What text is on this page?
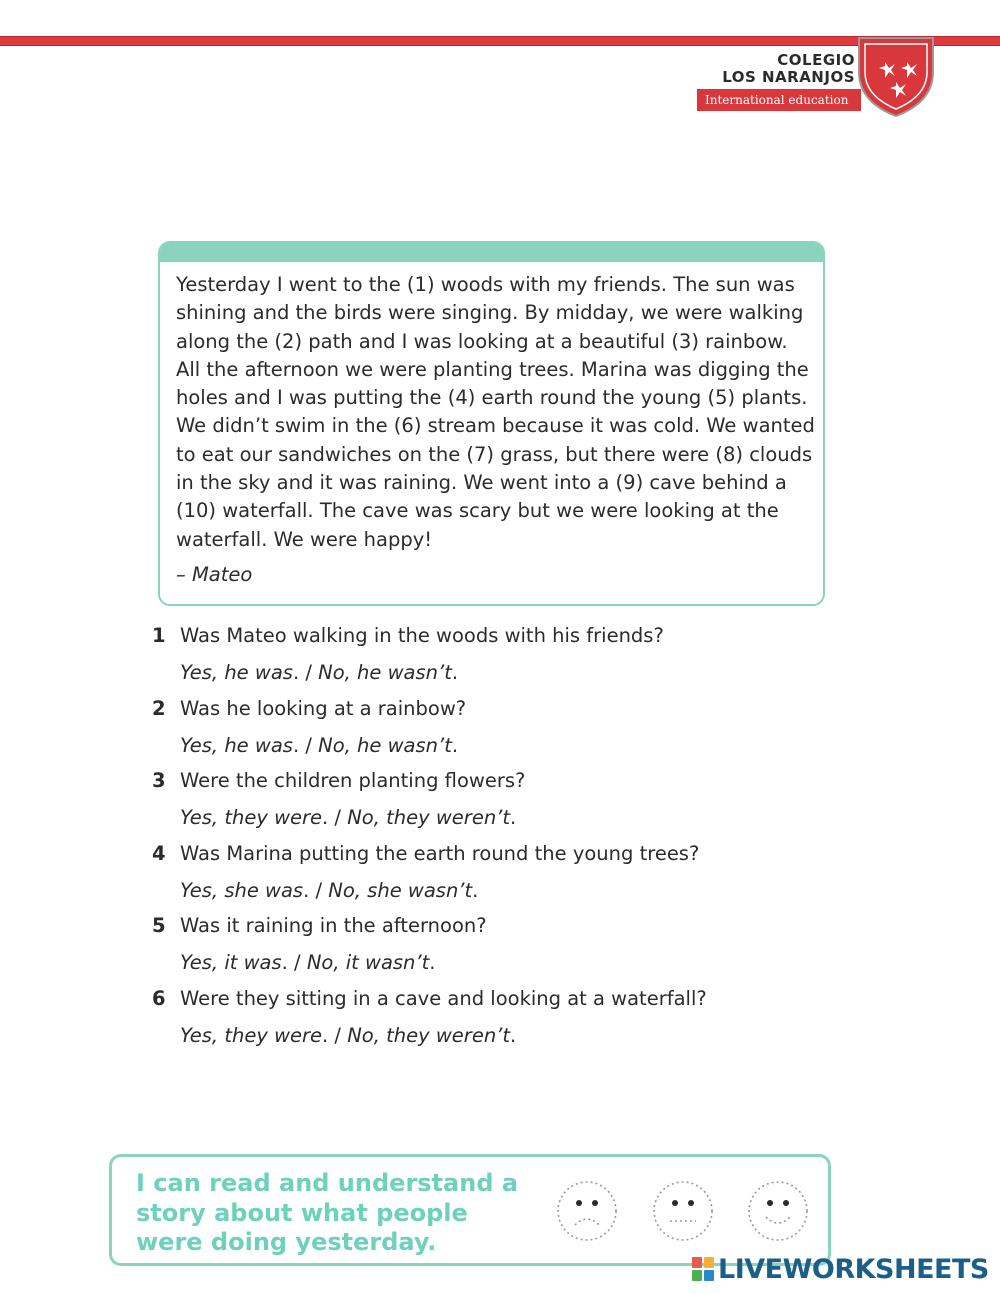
COLEGIO
LOS NARANJOS
International education

Yesterday I went to the (1) woods with my friends. The sun was shining and the birds were singing. By midday, we were walking along the (2) path and I was looking at a beautiful (3) rainbow. All the afternoon we were planting trees. Marina was digging the holes and I was putting the (4) earth round the young (5) plants. We didn’t swim in the (6) stream because it was cold. We wanted to eat our sandwiches on the (7) grass, but there were (8) clouds in the sky and it was raining. We went into a (9) cave behind a (10) waterfall. The cave was scary but we were looking at the waterfall. We were happy!

– Mateo
1 Was Mateo walking in the woods with his friends?
Yes, he was. / No, he wasn’t.
2 Was he looking at a rainbow?
Yes, he was. / No, he wasn’t.
3 Were the children planting flowers?
Yes, they were. / No, they weren’t.
4 Was Marina putting the earth round the young trees?
Yes, she was. / No, she wasn’t.
5 Was it raining in the afternoon?
Yes, it was. / No, it wasn’t.
6 Were they sitting in a cave and looking at a waterfall?
Yes, they were. / No, they weren’t.

I can read and understand a story about what people were doing yesterday.

LIVEWORKSHEETS
